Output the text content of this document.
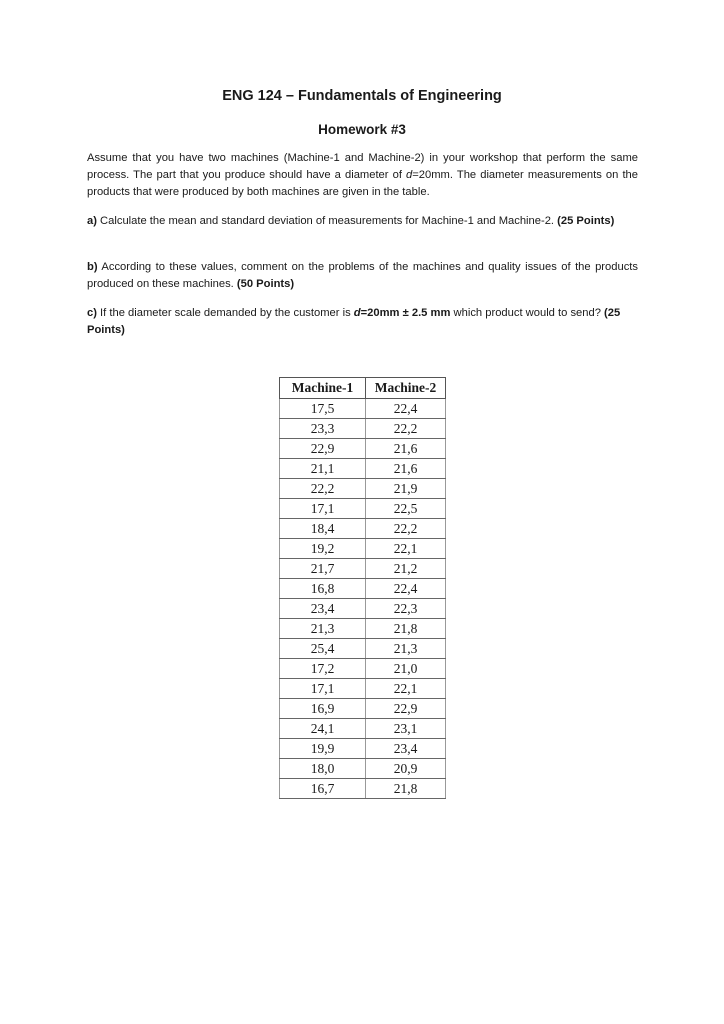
ENG 124 – Fundamentals of Engineering
Homework #3
Assume that you have two machines (Machine-1 and Machine-2) in your workshop that perform the same process. The part that you produce should have a diameter of d=20mm. The diameter measurements on the products that were produced by both machines are given in the table.
a) Calculate the mean and standard deviation of measurements for Machine-1 and Machine-2. (25 Points)
b) According to these values, comment on the problems of the machines and quality issues of the products produced on these machines. (50 Points)
c) If the diameter scale demanded by the customer is d=20mm ± 2.5 mm which product would to send? (25 Points)
Machine-1	Machine-2
17,5	22,4
23,3	22,2
22,9	21,6
21,1	21,6
22,2	21,9
17,1	22,5
18,4	22,2
19,2	22,1
21,7	21,2
16,8	22,4
23,4	22,3
21,3	21,8
25,4	21,3
17,2	21,0
17,1	22,1
16,9	22,9
24,1	23,1
19,9	23,4
18,0	20,9
16,7	21,8
